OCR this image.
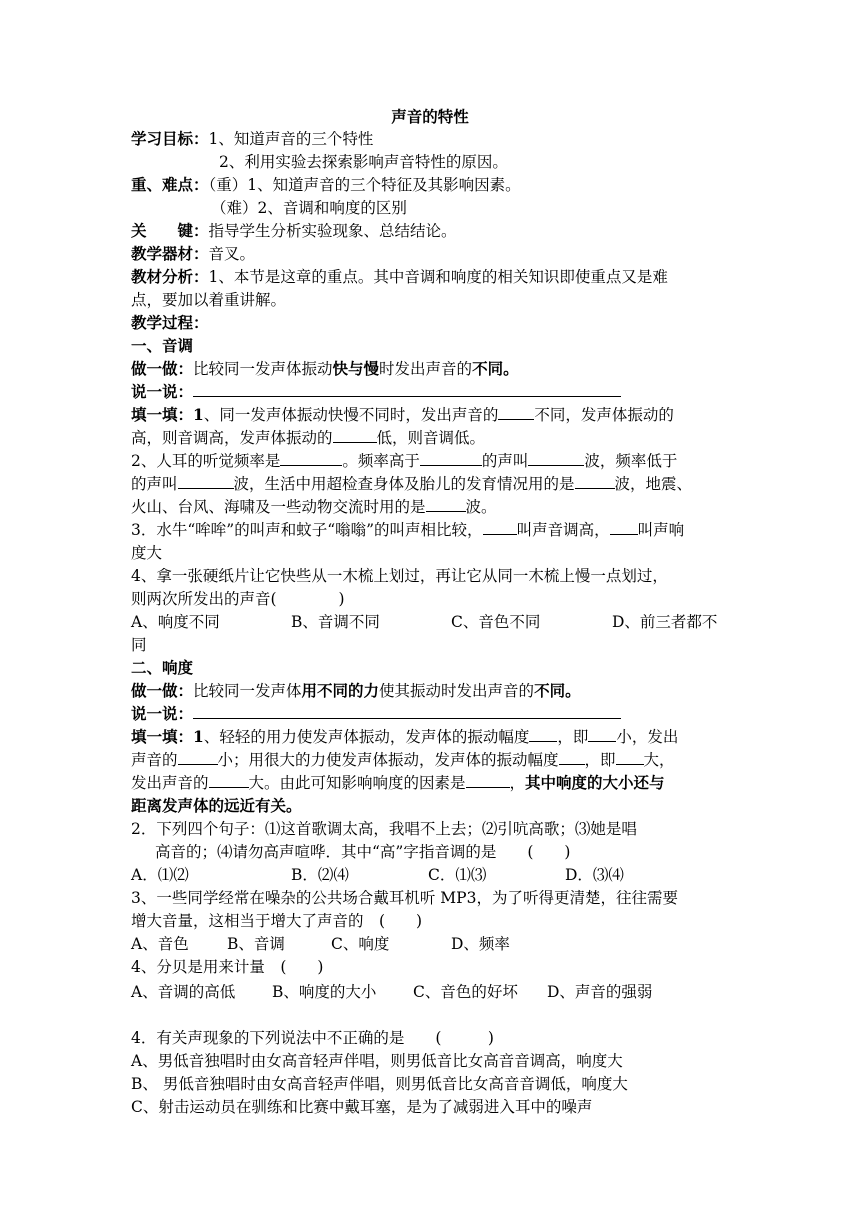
声音的特性
学习目标：1、知道声音的三个特性
2、利用实验去探索影响声音特性的原因。
重、难点：（重）1、知道声音的三个特征及其影响因素。
（难）2、音调和响度的区别
关　　键：指导学生分析实验现象、总结结论。
教学器材：音叉。
教材分析：1、本节是这章的重点。其中音调和响度的相关知识即使重点又是难
点，要加以着重讲解。
教学过程：
一、音调
做一做：比较同一发声体振动快与慢时发出声音的不同。
说一说：
填一填：1、同一发声体振动快慢不同时，发出声音的 不同，发声体振动的
高，则音调高，发声体振动的	低，则音调低。
2、人耳的听觉频率是	。频率高于	的声叫	波，频率低于
的声叫	波，生活中用超检查身体及胎儿的发育情况用的是	波，地震、
火山、台风、海啸及一些动物交流时用的是	波。
3．水牛“哞哞”的叫声和蚊子“嗡嗡”的叫声相比较， 叫声音调高， 叫声响
度大
4、拿一张硬纸片让它快些从一木梳上划过，再让它从同一木梳上慢一点划过，
则两次所发出的声音(　　　　)
A、响度不同	B、音调不同	C、音色不同	D、前三者都不
同
二、响度
做一做：比较同一发声体用不同的力使其振动时发出声音的不同。
说一说：
填一填：1、轻轻的用力使发声体振动，发声体的振动幅度 ，即 小，发出
声音的	小；用很大的力使发声体振动，发声体的振动幅度 ，即 大，
发出声音的	大。由此可知影响响度的因素是	，其中响度的大小还与
距离发声体的远近有关。
2．下列四个句子：⑴这首歌调太高，我唱不上去；⑵引吭高歌；⑶她是唱
高音的；⑷请勿高声喧哗．其中“高”字指音调的是　　(　　)
A．⑴⑵	B．⑵⑷	C．⑴⑶	D．⑶⑷
3、一些同学经常在噪杂的公共场合戴耳机听 MP3，为了听得更清楚，往往需要
增大音量，这相当于增大了声音的　(　　)
A、音色 B、音调	C、响度	D、频率
4、分贝是用来计量　(　　)
A、音调的高低 B、响度的大小 C、音色的好坏 D、声音的强弱
4．有关声现象的下列说法中不正确的是　　(　　　)
A、男低音独唱时由女高音轻声伴唱，则男低音比女高音音调高，响度大
B、 男低音独唱时由女高音轻声伴唱，则男低音比女高音音调低，响度大
C、射击运动员在驯练和比赛中戴耳塞，是为了减弱进入耳中的噪声
